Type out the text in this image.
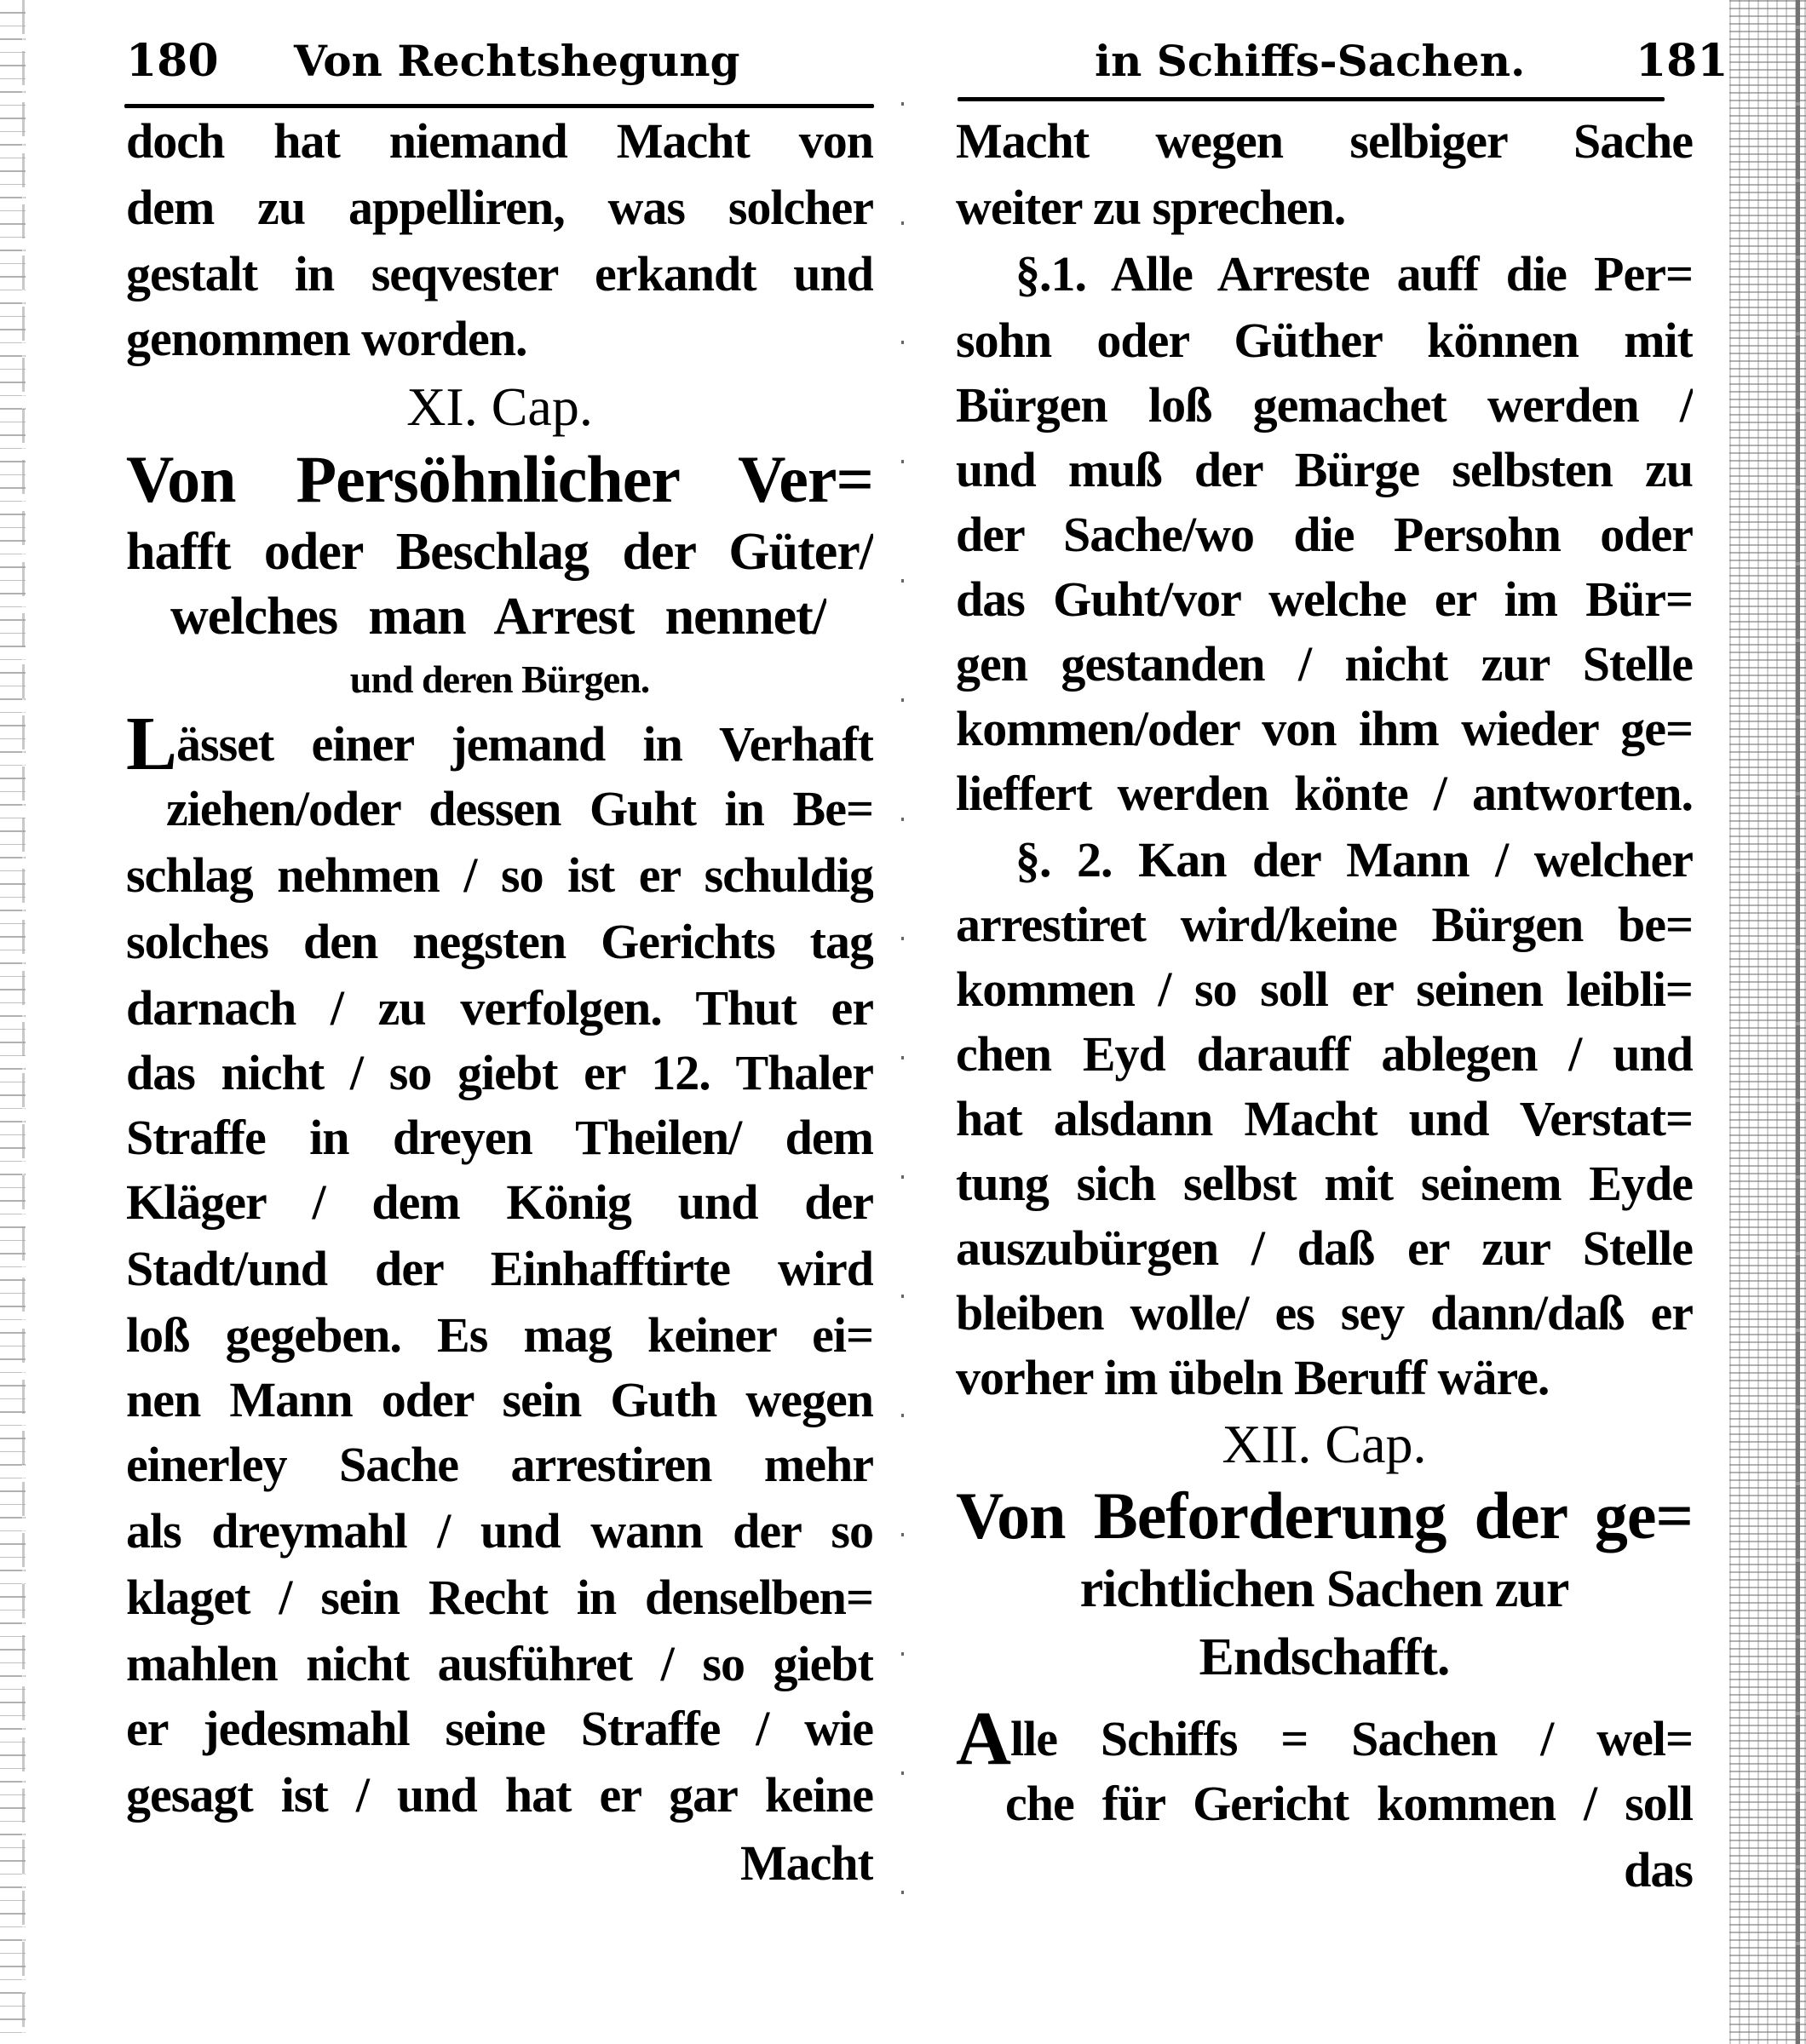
180 Von Rechtshegung
doch hat niemand Macht von
dem zu appelliren, was solcher
gestalt in seqvester erkandt und
genommen worden.
XI. Cap.
Von Persöhnlicher Ver=
hafft oder Beschlag der Güter/
welches man Arrest nennet/
und deren Bürgen.
Lässet einer jemand in Verhaft
ziehen/oder dessen Guht in Be=
schlag nehmen / so ist er schuldig
solches den negsten Gerichts tag
darnach / zu verfolgen. Thut er
das nicht / so giebt er 12. Thaler
Straffe in dreyen Theilen/ dem
Kläger / dem König und der
Stadt/und der Einhafftirte wird
loß gegeben. Es mag keiner ei=
nen Mann oder sein Guth wegen
einerley Sache arrestiren mehr
als dreymahl / und wann der so
klaget / sein Recht in denselben=
mahlen nicht ausführet / so giebt
er jedesmahl seine Straffe / wie
gesagt ist / und hat er gar keine
Macht
in Schiffs-Sachen. 181
Macht wegen selbiger Sache
weiter zu sprechen.
§.1. Alle Arreste auff die Per=
sohn oder Güther können mit
Bürgen loß gemachet werden /
und muß der Bürge selbsten zu
der Sache/wo die Persohn oder
das Guht/vor welche er im Bür=
gen gestanden / nicht zur Stelle
kommen/oder von ihm wieder ge=
lieffert werden könte / antworten.
§. 2. Kan der Mann / welcher
arrestiret wird/keine Bürgen be=
kommen / so soll er seinen leibli=
chen Eyd darauff ablegen / und
hat alsdann Macht und Verstat=
tung sich selbst mit seinem Eyde
auszubürgen / daß er zur Stelle
bleiben wolle/ es sey dann/daß er
vorher im übeln Beruff wäre.
XII. Cap.
Von Beforderung der ge=
richtlichen Sachen zur
Endschafft.
Alle Schiffs = Sachen / wel=
che für Gericht kommen / soll
das
